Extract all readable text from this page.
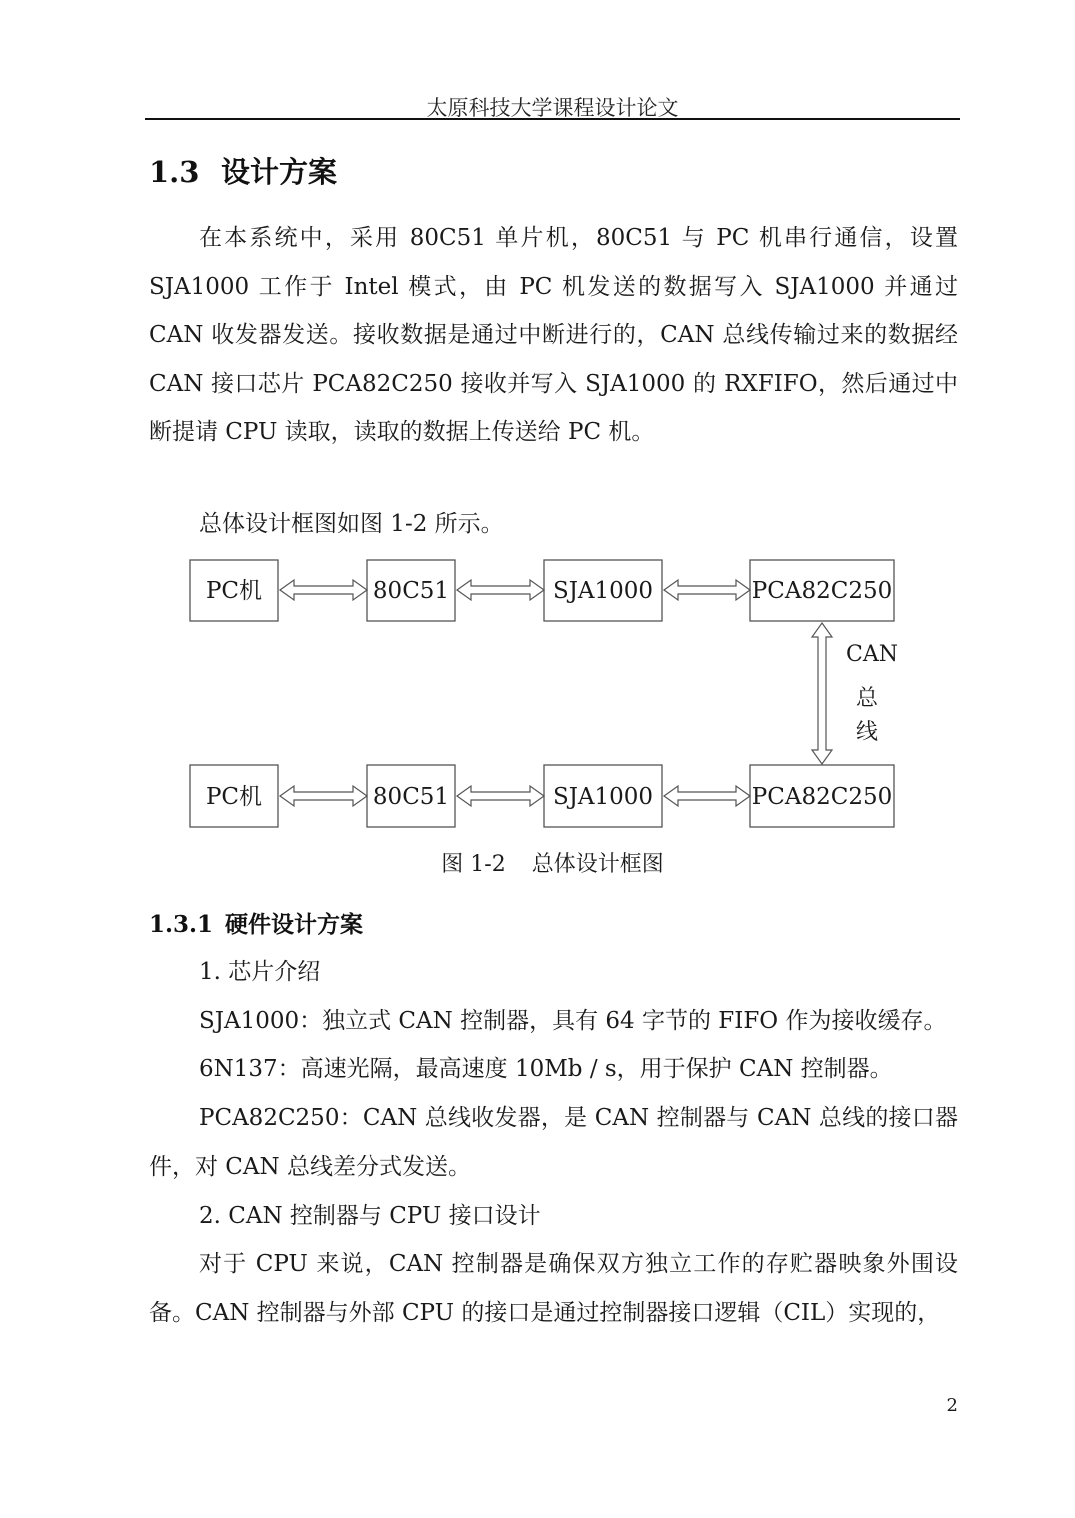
太原科技大学课程设计论文
1.3 设计方案

在本系统中，采用 80C51 单片机，80C51 与 PC 机串行通信，设置 SJA1000 工作于 Intel 模式，由 PC 机发送的数据写入 SJA1000 并通过 CAN 收发器发送。接收数据是通过中断进行的，CAN 总线传输过来的数据经 CAN 接口芯片 PCA82C250 接收并写入 SJA1000 的 RXFIFO，然后通过中断提请 CPU 读取，读取的数据上传送给 PC 机。

总体设计框图如图 1-2 所示。
PC机	80C51	SJA1000	PCA82C250
PC机	80C51	SJA1000	PCA82C250
CAN
总
线
图 1-2 总体设计框图
1.3.1 硬件设计方案
1. 芯片介绍
SJA1000：独立式 CAN 控制器，具有 64 字节的 FIFO 作为接收缓存。
6N137：高速光隔，最高速度 10Mb / s，用于保护 CAN 控制器。

PCA82C250：CAN 总线收发器，是 CAN 控制器与 CAN 总线的接口器件，对 CAN 总线差分式发送。

2. CAN 控制器与 CPU 接口设计

对于 CPU 来说，CAN 控制器是确保双方独立工作的存贮器映象外围设备。CAN 控制器与外部 CPU 的接口是通过控制器接口逻辑（CIL）实现的，

2
